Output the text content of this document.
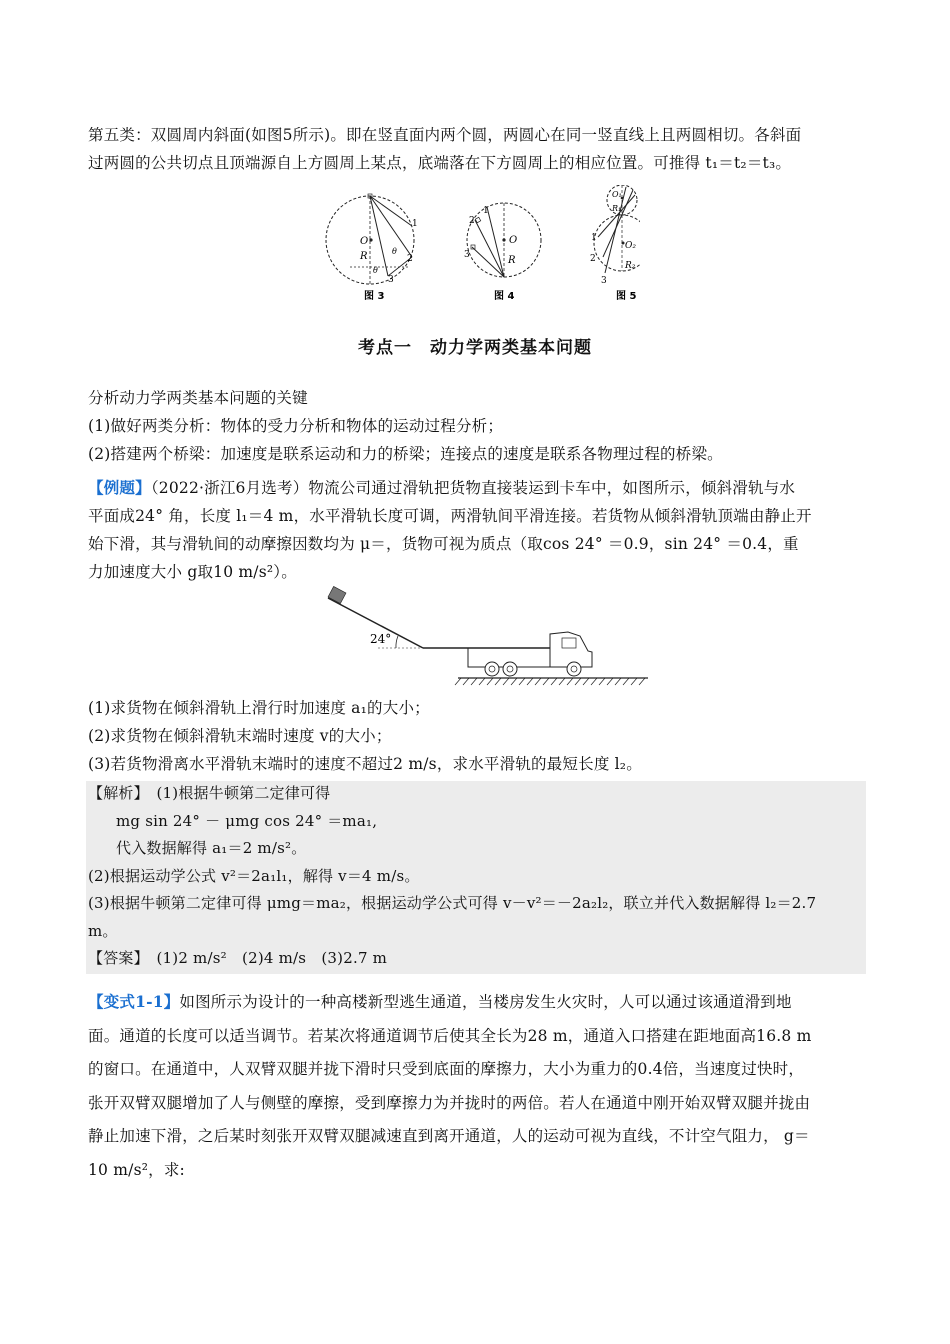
第五类：双圆周内斜面(如图5所示)。即在竖直面内两个圆，两圆心在同一竖直线上且两圆相切。各斜面
过两圆的公共切点且顶端源自上方圆周上某点，底端落在下方圆周上的相应位置。可推得 t₁＝t₂＝t₃。
O
R	θ
θ
1
2
3
图 3
1
2
3
O
R
图 4
O₁
R₁
O₂
R₂
1
2
3
图 5
考点一　动力学两类基本问题
分析动力学两类基本问题的关键
(1)做好两类分析：物体的受力分析和物体的运动过程分析；
(2)搭建两个桥梁：加速度是联系运动和力的桥梁；连接点的速度是联系各物理过程的桥梁。
【例题】（2022·浙江6月选考）物流公司通过滑轨把货物直接装运到卡车中，如图所示，倾斜滑轨与水
平面成24° 角，长度 l₁＝4 m，水平滑轨长度可调，两滑轨间平滑连接。若货物从倾斜滑轨顶端由静止开
始下滑，其与滑轨间的动摩擦因数均为 μ＝，货物可视为质点（取cos 24° ＝0.9，sin 24° ＝0.4，重
力加速度大小 g取10 m/s²）。
24°
(1)求货物在倾斜滑轨上滑行时加速度 a₁的大小；
(2)求货物在倾斜滑轨末端时速度 v的大小；
(3)若货物滑离水平滑轨末端时的速度不超过2 m/s，求水平滑轨的最短长度 l₂。
【解析】　(1)根据牛顿第二定律可得
mg sin 24° － μmg cos 24° ＝ma₁,
代入数据解得 a₁＝2 m/s²。
(2)根据运动学公式 v²＝2a₁l₁，解得 v＝4 m/s。
(3)根据牛顿第二定律可得 μmg＝ma₂，根据运动学公式可得 v－v²＝－2a₂l₂，联立并代入数据解得 l₂＝2.7
m。
【答案】　(1)2 m/s²　(2)4 m/s　(3)2.7 m
【变式1-1】如图所示为设计的一种高楼新型逃生通道，当楼房发生火灾时，人可以通过该通道滑到地
面。通道的长度可以适当调节。若某次将通道调节后使其全长为28 m，通道入口搭建在距地面高16.8 m
的窗口。在通道中，人双臂双腿并拢下滑时只受到底面的摩擦力，大小为重力的0.4倍，当速度过快时，
张开双臂双腿增加了人与侧壁的摩擦，受到摩擦力为并拢时的两倍。若人在通道中刚开始双臂双腿并拢由
静止加速下滑，之后某时刻张开双臂双腿减速直到离开通道，人的运动可视为直线，不计空气阻力， g＝
10 m/s²，求:
